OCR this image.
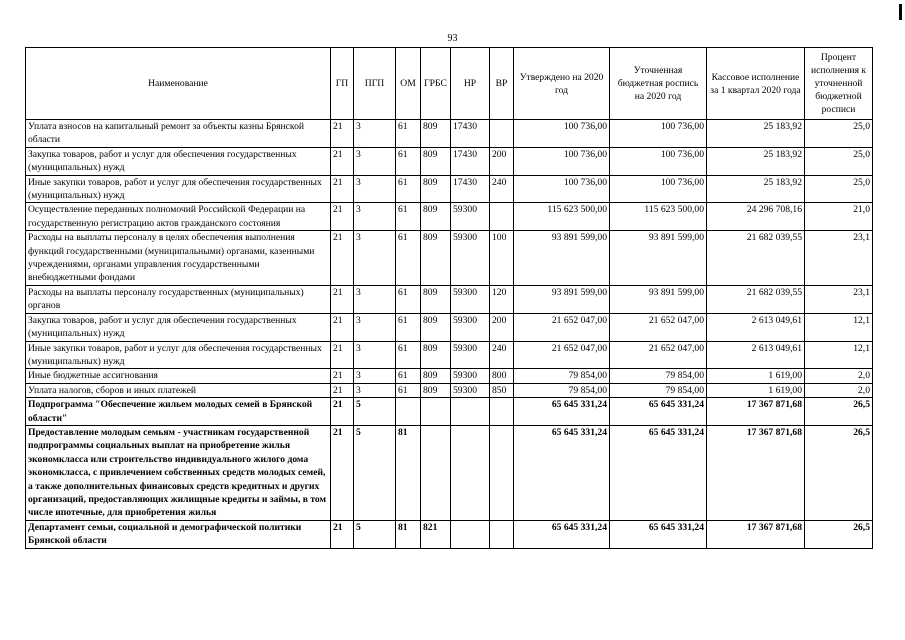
93
Наименование	ГП	ПГП	ОМ	ГРБС	НР	ВР	Утверждено на 2020 год	Уточненная бюджетная роспись на 2020 год	Кассовое исполнение за 1 квартал 2020 года	Процент исполнения к уточненной бюджетной росписи
Уплата взносов на капитальный ремонт за объекты казны Брянской области	21	3	61	809	17430		100 736,00	100 736,00	25 183,92	25,0
Закупка товаров, работ и услуг для обеспечения государственных (муниципальных) нужд	21	3	61	809	17430	200	100 736,00	100 736,00	25 183,92	25,0
Иные закупки товаров, работ и услуг для обеспечения государственных (муниципальных) нужд	21	3	61	809	17430	240	100 736,00	100 736,00	25 183,92	25,0
Осуществление переданных полномочий Российской Федерации на государственную регистрацию актов гражданского состояния	21	3	61	809	59300		115 623 500,00	115 623 500,00	24 296 708,16	21,0
Расходы на выплаты персоналу в целях обеспечения выполнения функций государственными (муниципальными) органами, казенными учреждениями, органами управления государственными внебюджетными фондами	21	3	61	809	59300	100	93 891 599,00	93 891 599,00	21 682 039,55	23,1
Расходы на выплаты персоналу государственных (муниципальных) органов	21	3	61	809	59300	120	93 891 599,00	93 891 599,00	21 682 039,55	23,1
Закупка товаров, работ и услуг для обеспечения государственных (муниципальных) нужд	21	3	61	809	59300	200	21 652 047,00	21 652 047,00	2 613 049,61	12,1
Иные закупки товаров, работ и услуг для обеспечения государственных (муниципальных) нужд	21	3	61	809	59300	240	21 652 047,00	21 652 047,00	2 613 049,61	12,1
Иные бюджетные ассигнования	21	3	61	809	59300	800	79 854,00	79 854,00	1 619,00	2,0
Уплата налогов, сборов и иных платежей	21	3	61	809	59300	850	79 854,00	79 854,00	1 619,00	2,0
Подпрограмма "Обеспечение жильем молодых семей в Брянской области"	21	5					65 645 331,24	65 645 331,24	17 367 871,68	26,5
Предоставление молодым семьям - участникам государственной подпрограммы социальных выплат на приобретение жилья экономкласса или строительство индивидуального жилого дома экономкласса, с привлечением собственных средств молодых семей, а также дополнительных финансовых средств кредитных и других организаций, предоставляющих жилищные кредиты и займы, в том числе ипотечные, для приобретения жилья	21	5	81				65 645 331,24	65 645 331,24	17 367 871,68	26,5
Департамент семьи, социальной и демографической политики Брянской области	21	5	81	821			65 645 331,24	65 645 331,24	17 367 871,68	26,5
